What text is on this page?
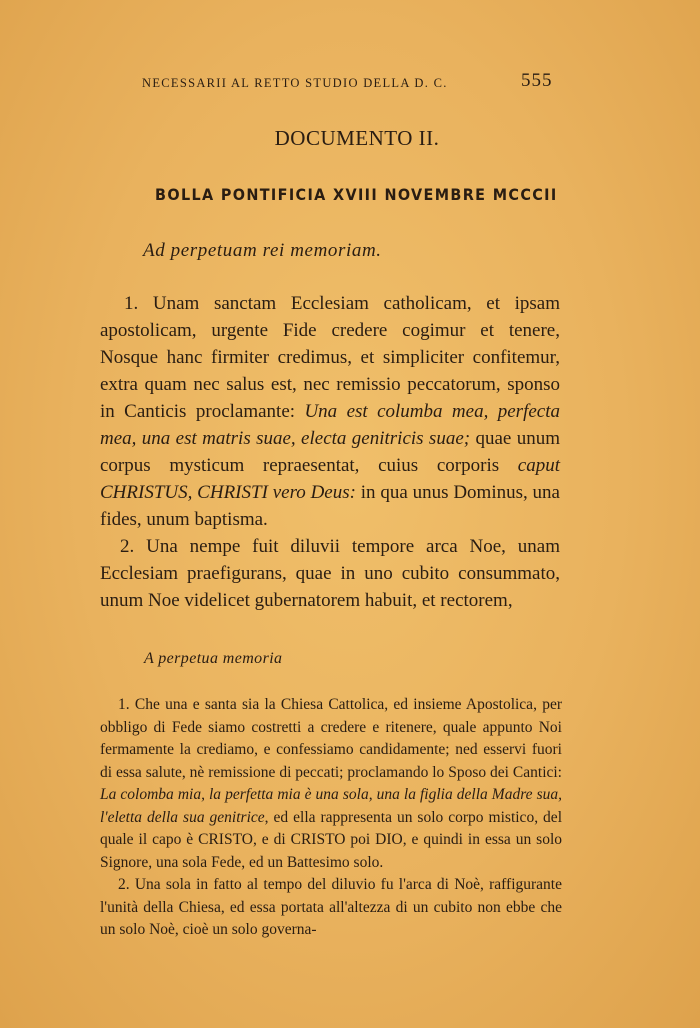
NECESSARII AL RETTO STUDIO DELLA D. C.	555
DOCUMENTO II.
BOLLA PONTIFICIA XVIII NOVEMBRE MCCCII
Ad perpetuam rei memoriam.

1. Unam sanctam Ecclesiam catholicam, et ipsam apostolicam, urgente Fide credere cogimur et tenere, Nosque hanc firmiter credimus, et simpliciter confitemur, extra quam nec salus est, nec remissio peccatorum, sponso in Canticis proclamante: Una est columba mea, perfecta mea, una est matris suae, electa genitricis suae; quae unum corpus mysticum repraesentat, cuius corporis caput CHRISTUS, CHRISTI vero Deus: in qua unus Dominus, una fides, unum baptisma.

2. Una nempe fuit diluvii tempore arca Noe, unam Ecclesiam praefigurans, quae in uno cubito consummato, unum Noe videlicet gubernatorem habuit, et rectorem,

A perpetua memoria

1. Che una e santa sia la Chiesa Cattolica, ed insieme Apostolica, per obbligo di Fede siamo costretti a credere e ritenere, quale appunto Noi fermamente la crediamo, e confessiamo candidamente; ned esservi fuori di essa salute, nè remissione di peccati; proclamando lo Sposo dei Cantici: La colomba mia, la perfetta mia è una sola, una la figlia della Madre sua, l'eletta della sua genitrice, ed ella rappresenta un solo corpo mistico, del quale il capo è CRISTO, e di CRISTO poi DIO, e quindi in essa un solo Signore, una sola Fede, ed un Battesimo solo.

2. Una sola in fatto al tempo del diluvio fu l'arca di Noè, raffigurante l'unità della Chiesa, ed essa portata all'altezza di un cubito non ebbe che un solo Noè, cioè un solo governa-
